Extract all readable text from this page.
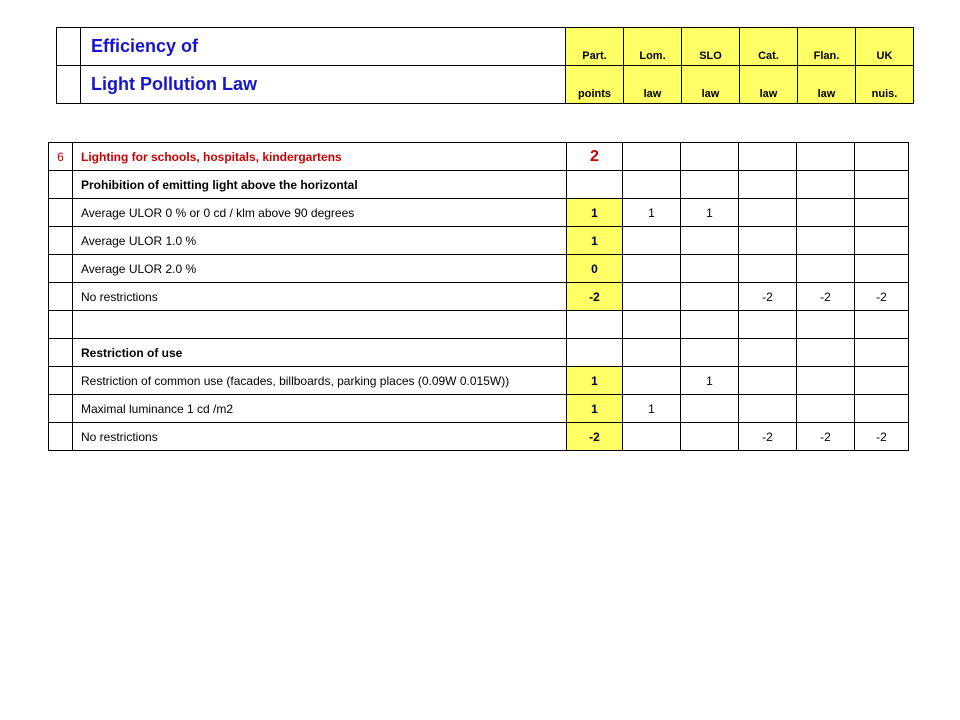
	Efficiency of	Part.	Lom.	SLO	Cat.	Flan.	UK
	Light Pollution Law	points	law	law	law	law	nuis.
6	Lighting for schools, hospitals, kindergartens	2					
	Prohibition of emitting light above the horizontal						
	Average ULOR 0 % or 0 cd / klm above 90 degrees	1	1	1			
	Average ULOR 1.0 %	1					
	Average ULOR 2.0 %	0					
	No restrictions	-2			-2	-2	-2

	Restriction of use						
	Restriction of common use (facades, billboards, parking places (0.09W 0.015W))	1		1			
	Maximal luminance 1 cd /m2	1	1				
	No restrictions	-2			-2	-2	-2
